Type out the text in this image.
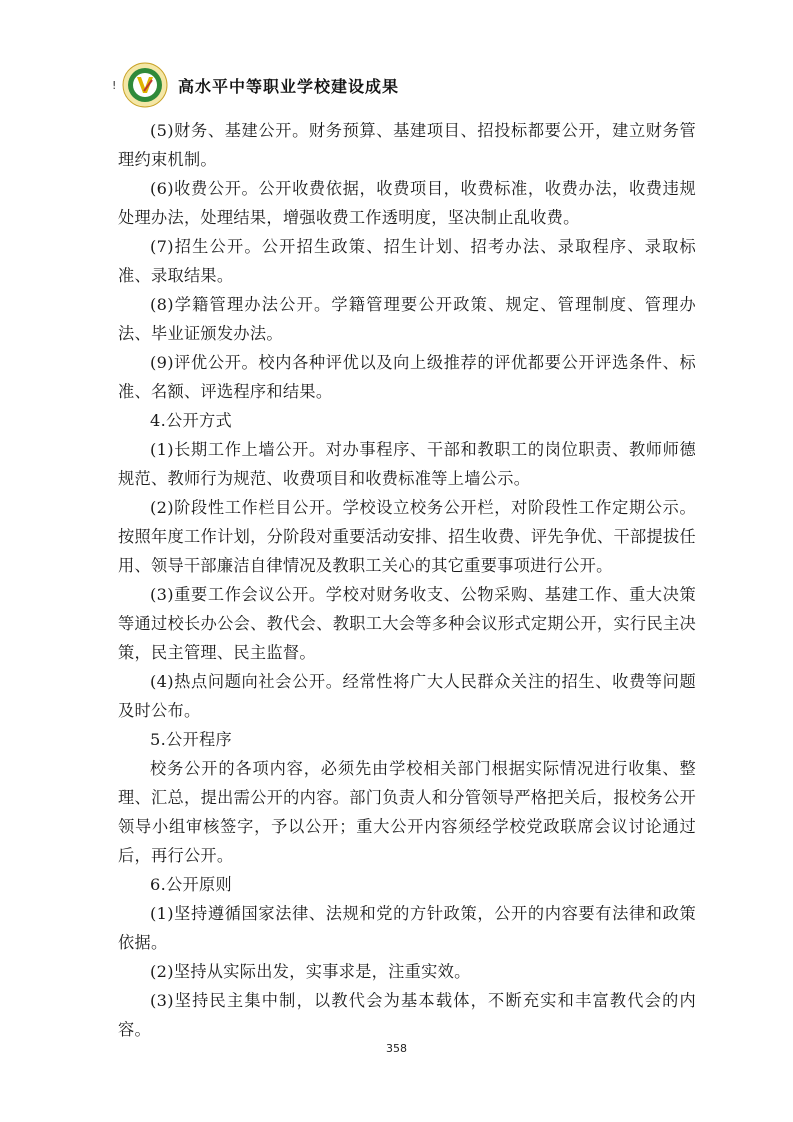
!	高水平中等职业学校建设成果

(5)财务、基建公开。财务预算、基建项目、招投标都要公开，建立财务管理约束机制。

(6)收费公开。公开收费依据，收费项目，收费标准，收费办法，收费违规处理办法，处理结果，增强收费工作透明度，坚决制止乱收费。

(7)招生公开。公开招生政策、招生计划、招考办法、录取程序、录取标准、录取结果。

(8)学籍管理办法公开。学籍管理要公开政策、规定、管理制度、管理办法、毕业证颁发办法。

(9)评优公开。校内各种评优以及向上级推荐的评优都要公开评选条件、标准、名额、评选程序和结果。

4.公开方式

(1)长期工作上墙公开。对办事程序、干部和教职工的岗位职责、教师师德规范、教师行为规范、收费项目和收费标准等上墙公示。

(2)阶段性工作栏目公开。学校设立校务公开栏，对阶段性工作定期公示。按照年度工作计划，分阶段对重要活动安排、招生收费、评先争优、干部提拔任用、领导干部廉洁自律情况及教职工关心的其它重要事项进行公开。

(3)重要工作会议公开。学校对财务收支、公物采购、基建工作、重大决策等通过校长办公会、教代会、教职工大会等多种会议形式定期公开，实行民主决策，民主管理、民主监督。

(4)热点问题向社会公开。经常性将广大人民群众关注的招生、收费等问题及时公布。

5.公开程序

校务公开的各项内容，必须先由学校相关部门根据实际情况进行收集、整理、汇总，提出需公开的内容。部门负责人和分管领导严格把关后，报校务公开领导小组审核签字，予以公开；重大公开内容须经学校党政联席会议讨论通过后，再行公开。

6.公开原则

(1)坚持遵循国家法律、法规和党的方针政策，公开的内容要有法律和政策依据。

(2)坚持从实际出发，实事求是，注重实效。

(3)坚持民主集中制，以教代会为基本载体，不断充实和丰富教代会的内容。

358
